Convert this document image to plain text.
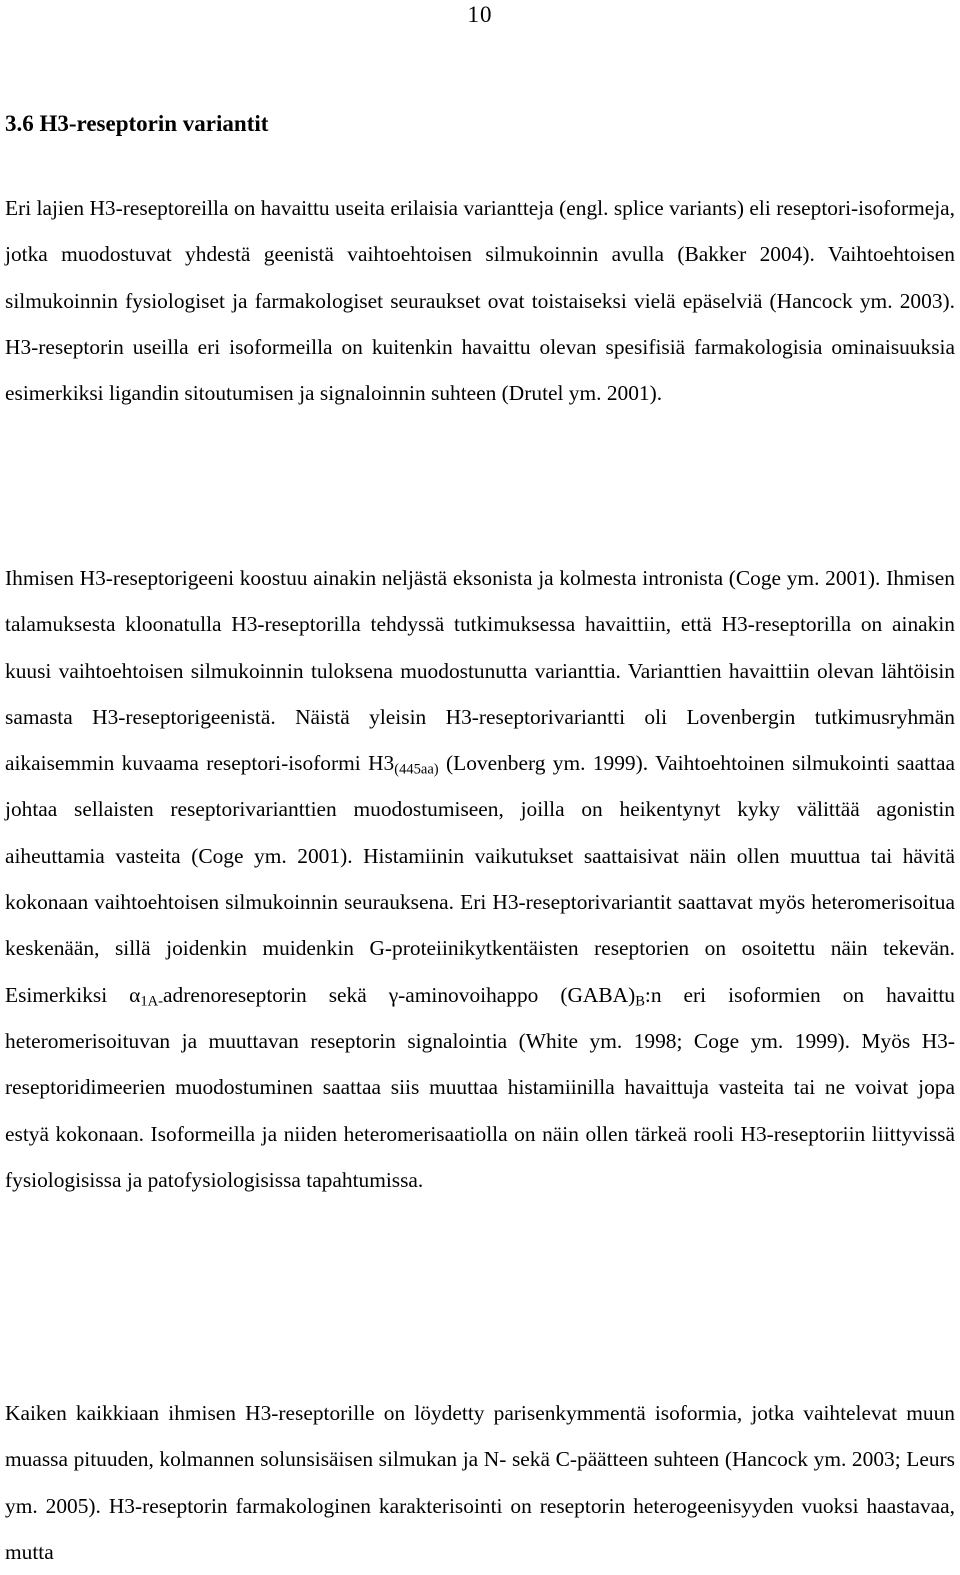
10
3.6 H3-reseptorin variantit

Eri lajien H3-reseptoreilla on havaittu useita erilaisia variantteja (engl. splice variants) eli reseptori-isoformeja, jotka muodostuvat yhdestä geenistä vaihtoehtoisen silmukoinnin avulla (Bakker 2004). Vaihtoehtoisen silmukoinnin fysiologiset ja farmakologiset seuraukset ovat toistaiseksi vielä epäselviä (Hancock ym. 2003). H3-reseptorin useilla eri isoformeilla on kuitenkin havaittu olevan spesifisiä farmakologisia ominaisuuksia esimerkiksi ligandin sitoutumisen ja signaloinnin suhteen (Drutel ym. 2001).

Ihmisen H3-reseptorigeeni koostuu ainakin neljästä eksonista ja kolmesta intronista (Coge ym. 2001). Ihmisen talamuksesta kloonatulla H3-reseptorilla tehdyssä tutkimuksessa havaittiin, että H3-reseptorilla on ainakin kuusi vaihtoehtoisen silmukoinnin tuloksena muodostunutta varianttia. Varianttien havaittiin olevan lähtöisin samasta H3-reseptorigeenistä. Näistä yleisin H3-reseptorivariantti oli Lovenbergin tutkimusryhmän aikaisemmin kuvaama reseptori-isoformi $H3_{(445aa)}$ (Lovenberg ym. 1999). Vaihtoehtoinen silmukointi saattaa johtaa sellaisten reseptorivarianttien muodostumiseen, joilla on heikentynyt kyky välittää agonistin aiheuttamia vasteita (Coge ym. 2001). Histamiinin vaikutukset saattaisivat näin ollen muuttua tai hävitä kokonaan vaihtoehtoisen silmukoinnin seurauksena. Eri H3-reseptorivariantit saattavat myös heteromerisoitua keskenään, sillä joidenkin muidenkin G-proteiinikytkentäisten reseptorien on osoitettu näin tekevän. Esimerkiksi $\alpha_{1A-}adrenoreseptorin$ sekä γ-aminovoihappo $(GABA)_B:n$ eri isoformien on havaittu heteromerisoituvan ja muuttavan reseptorin signalointia (White ym. 1998; Coge ym. 1999). Myös H3-reseptoridimeerien muodostuminen saattaa siis muuttaa histamiinilla havaittuja vasteita tai ne voivat jopa estyä kokonaan. Isoformeilla ja niiden heteromerisaatiolla on näin ollen tärkeä rooli H3-reseptoriin liittyvissä fysiologisissa ja patofysiologisissa tapahtumissa.

Kaiken kaikkiaan ihmisen H3-reseptorille on löydetty parisenkymmentä isoformia, jotka vaihtelevat muun muassa pituuden, kolmannen solunsisäisen silmukan ja N- sekä C-päätteen suhteen (Hancock ym. 2003; Leurs ym. 2005). H3-reseptorin farmakologinen karakterisointi on reseptorin heterogeenisyyden vuoksi haastavaa, mutta
